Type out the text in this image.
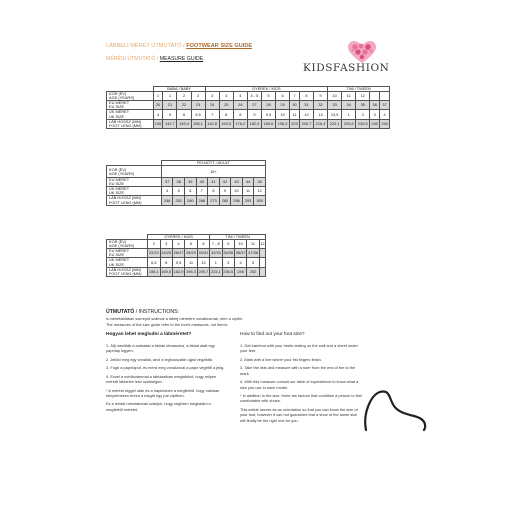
LÁBBELI MÉRET ÚTMUTATÓ / FOOTWEAR SIZE GUIDE
MÉRÉSI ÚTMUTATÓ / MEASURE GUIDE
KIDSFASHION
	BABA / BABY				GYEREK / KIDS									TINI / TWEEN				

KOR (ÉV)
AGE (YEARS)	1	1	2	2	3	3	4	4 - 5	5	6	7	8	9	10	11	12		

EU MÉRET
EU SIZE	20	21	22	23	24	25	26	27	28	29	30	31	32	33	34	35	36	37

UK MÉRET
UK SIZE	4	5	6	6,5	7	8	8	9	9,5	10	11	12	13	13,5	1	2	3	4

LÁB HOSSZ (MM)
FOOT LENG (MM)	136	142,7	149,4	156,1	162,8	169,5	176,2	182,9	189,6	196,3	203	209,7	216,4	223,1	229,8	236,5	240	246
	FELNŐTT / ADULT								

KOR (ÉV)
AGE (YEARS)	18+								

EU MÉRET
EU SIZE	37	38	39	40	41	42	43	44	45

UK MÉRET
UK SIZE	4	5	6	7	8	9	10	11	12

LÁB HOSSZ (MM)
FOOT LENG (MM)	246	252	260	266	273	280	286	293	300
	GYEREK / KIDS					TINI / TWEEN				

KOR (ÉV)
AGE (YEARS)	2	3	4	5	6	7 - 8	9	10	11	12

EU MÉRET
EU SIZE	22/23	24/25	26/27	28/29	30/31	32/33	34/35	36/37	37/38	

UK MÉRET
UK SIZE	6,5	8	9,5	11	13	1	3	4	5	

LÁB HOSSZ (MM)
FOOT LENG (MM)	156,1	169,5	182,9	196,3	209,7	223,1	236,5	246	252	
ÚTMUTATÓ / INSTRUCTIONS:
A mérettáblában szereplő számok a lábfej méretére vonatkoznak, nem a cipőre.
The measures of the size guide refer to the foot's measures, not item's
Hogyan lehet megludni a lábméretet?

1. Állj mezítláb a sarkadat a falnak támasztva, a lábad alatt egy papírlap legyen.

2. Jelöld meg egy vonallal, ahol a leghosszabb ujjad végződik.

3. Fogd a papírlapot, és mérd meg vonalzóval a papír végétől a jelig.

4. Ezzel a mérőszámmal a táblázatban megtalálod, hogy milyen méretű lábbelire lesz szükséged.

* A mérést reggel után és a napközben a megfelelő, hogy valóban kényelmesen érezd a magát egy pár cipőben.

Ez a leírást útmutatónak szánjuk, hogy segítsen megtalálni a megfelelő méretet.

How to find out your foot size?

1. Get barefoot with your heels resting on the wall and a sheet under your feet.

2. Mark with a line where your fist fingers finish.

3. Take the lists and measure with a ruler from the end of the to the mark.

4. With this measure consult our table of equivalence to know what a size you use in each model.

* In addition to the size, there are factors that condition a person to feel comfortable with shoes.

This article serves as an orientation so that you can know the size of your foot, however it can not guarantee that a shoe of the same size will finally be the right one for you.
